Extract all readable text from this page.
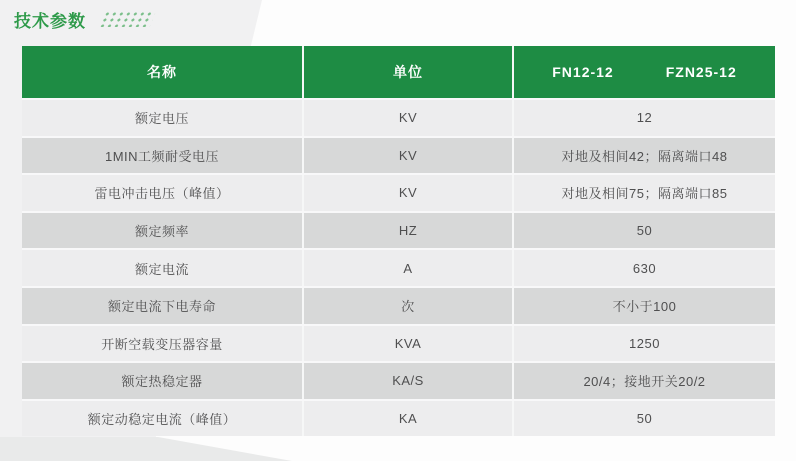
技术参数
名称	单位	FN12-12	FZN25-12
额定电压	KV	12
1MIN工频耐受电压	KV	对地及相间42；隔离端口48
雷电冲击电压（峰值）	KV	对地及相间75；隔离端口85
额定频率	HZ	50
额定电流	A	630
额定电流下电寿命	次	不小于100
开断空载变压器容量	KVA	1250
额定热稳定器	KA/S	20/4；接地开关20/2
额定动稳定电流（峰值）	KA	50
